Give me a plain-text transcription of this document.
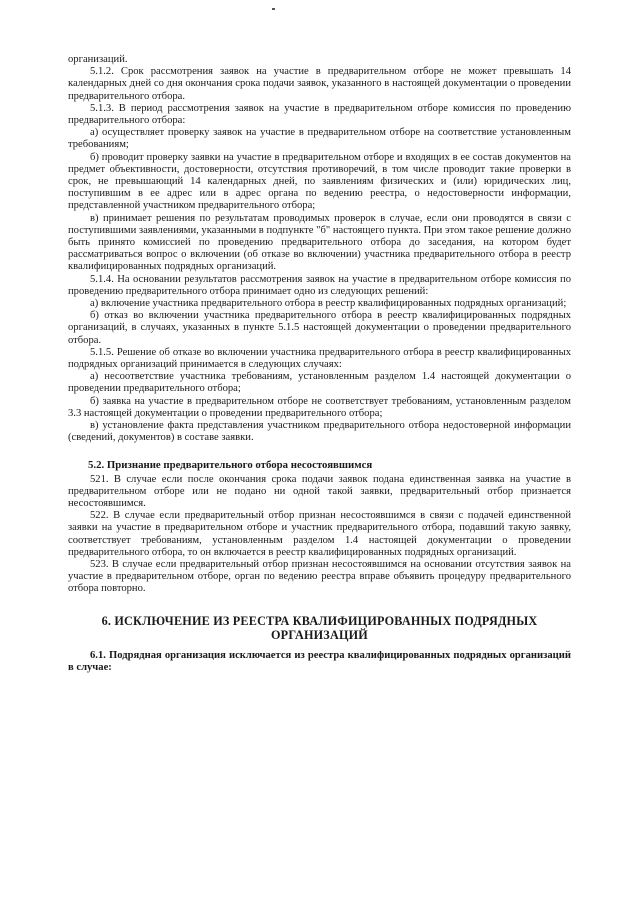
организаций.

5.1.2. Срок рассмотрения заявок на участие в предварительном отборе не может превышать 14 календарных дней со дня окончания срока подачи заявок, указанного в настоящей документации о проведении предварительного отбора.

5.1.3. В период рассмотрения заявок на участие в предварительном отборе комиссия по проведению предварительного отбора:

а) осуществляет проверку заявок на участие в предварительном отборе на соответствие установленным требованиям;

б) проводит проверку заявки на участие в предварительном отборе и входящих в ее состав документов на предмет объективности, достоверности, отсутствия противоречий, в том числе проводит такие проверки в срок, не превышающий 14 календарных дней, по заявлениям физических и (или) юридических лиц, поступившим в ее адрес или в адрес органа по ведению реестра, о недостоверности информации, представленной участником предварительного отбора;

в) принимает решения по результатам проводимых проверок в случае, если они проводятся в связи с поступившими заявлениями, указанными в подпункте "б" настоящего пункта. При этом такое решение должно быть принято комиссией по проведению предварительного отбора до заседания, на котором будет рассматриваться вопрос о включении (об отказе во включении) участника предварительного отбора в реестр квалифицированных подрядных организаций.

5.1.4. На основании результатов рассмотрения заявок на участие в предварительном отборе комиссия по проведению предварительного отбора принимает одно из следующих решений:

а) включение участника предварительного отбора в реестр квалифицированных подрядных организаций;

б) отказ во включении участника предварительного отбора в реестр квалифицированных подрядных организаций, в случаях, указанных в пункте 5.1.5 настоящей документации о проведении предварительного отбора.

5.1.5. Решение об отказе во включении участника предварительного отбора в реестр квалифицированных подрядных организаций принимается в следующих случаях:

а) несоответствие участника требованиям, установленным разделом 1.4 настоящей документации о проведении предварительного отбора;

б) заявка на участие в предварительном отборе не соответствует требованиям, установленным разделом 3.3 настоящей документации о проведении предварительного отбора;

в) установление факта представления участником предварительного отбора недостоверной информации (сведений, документов) в составе заявки.

5.2. Признание предварительного отбора несостоявшимся

521. В случае если после окончания срока подачи заявок подана единственная заявка на участие в предварительном отборе или не подано ни одной такой заявки, предварительный отбор признается несостоявшимся.

522. В случае если предварительный отбор признан несостоявшимся в связи с подачей единственной заявки на участие в предварительном отборе и участник предварительного отбора, подавший такую заявку, соответствует требованиям, установленным разделом 1.4 настоящей документации о проведении предварительного отбора, то он включается в реестр квалифицированных подрядных организаций.

523. В случае если предварительный отбор признан несостоявшимся на основании отсутствия заявок на участие в предварительном отборе, орган по ведению реестра вправе объявить процедуру предварительного отбора повторно.

6. ИСКЛЮЧЕНИЕ ИЗ РЕЕСТРА КВАЛИФИЦИРОВАННЫХ ПОДРЯДНЫХ ОРГАНИЗАЦИЙ

6.1. Подрядная организация исключается из реестра квалифицированных подрядных организаций в случае:
